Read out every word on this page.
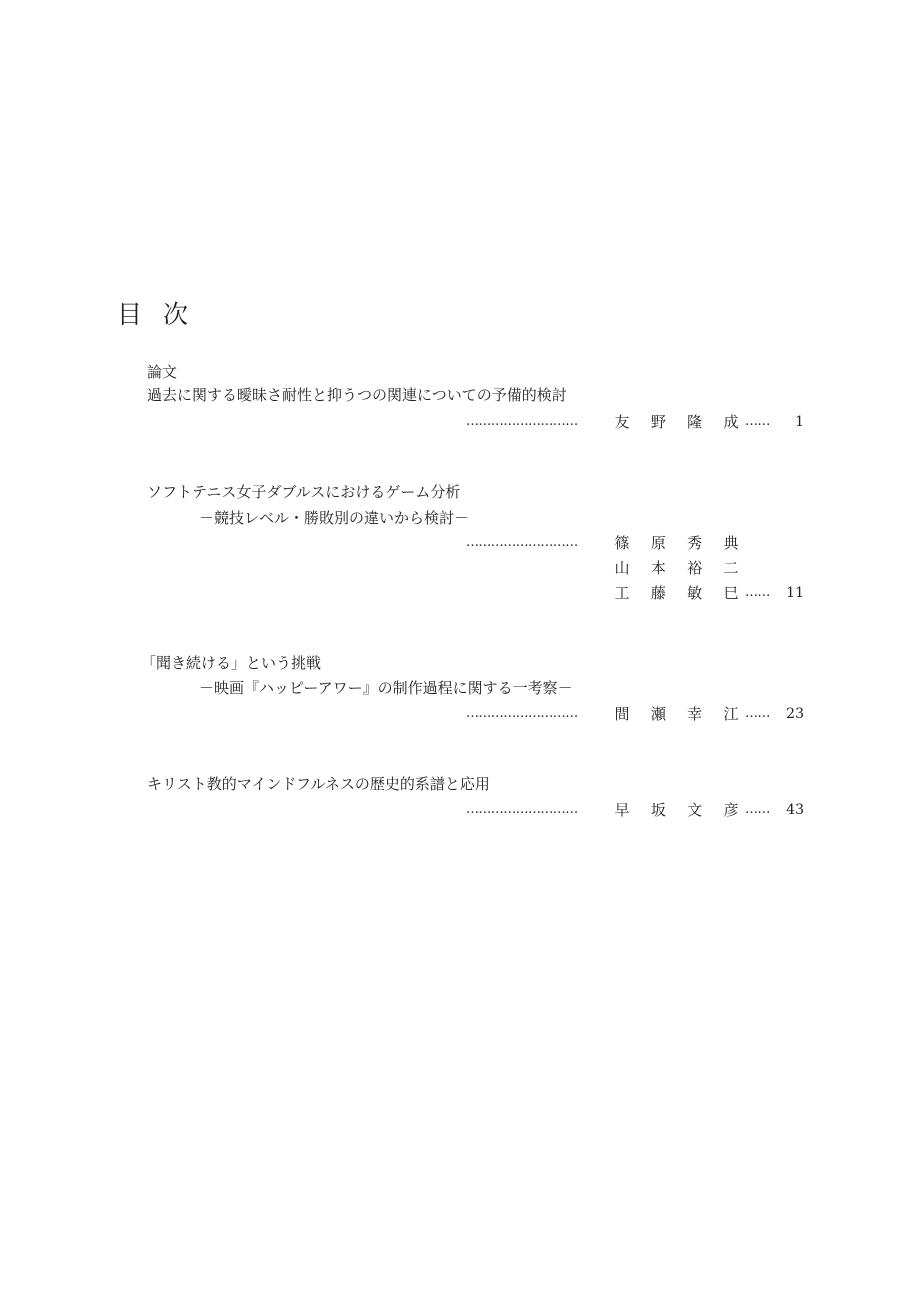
目次
論文
過去に関する曖昧さ耐性と抑うつの関連についての予備的検討
……………………… 友 野 隆 成 …… 1
ソフトテニス女子ダブルスにおけるゲーム分析
－競技レベル・勝敗別の違いから検討－
……………………… 篠 原 秀 典
山 本 裕 二
工 藤 敏 巳 …… 11
「聞き続ける」という挑戦
－映画『ハッピーアワー』の制作過程に関する一考察－
……………………… 間 瀬 幸 江 …… 23
キリスト教的マインドフルネスの歴史的系譜と応用
……………………… 早 坂 文 彦 …… 43
